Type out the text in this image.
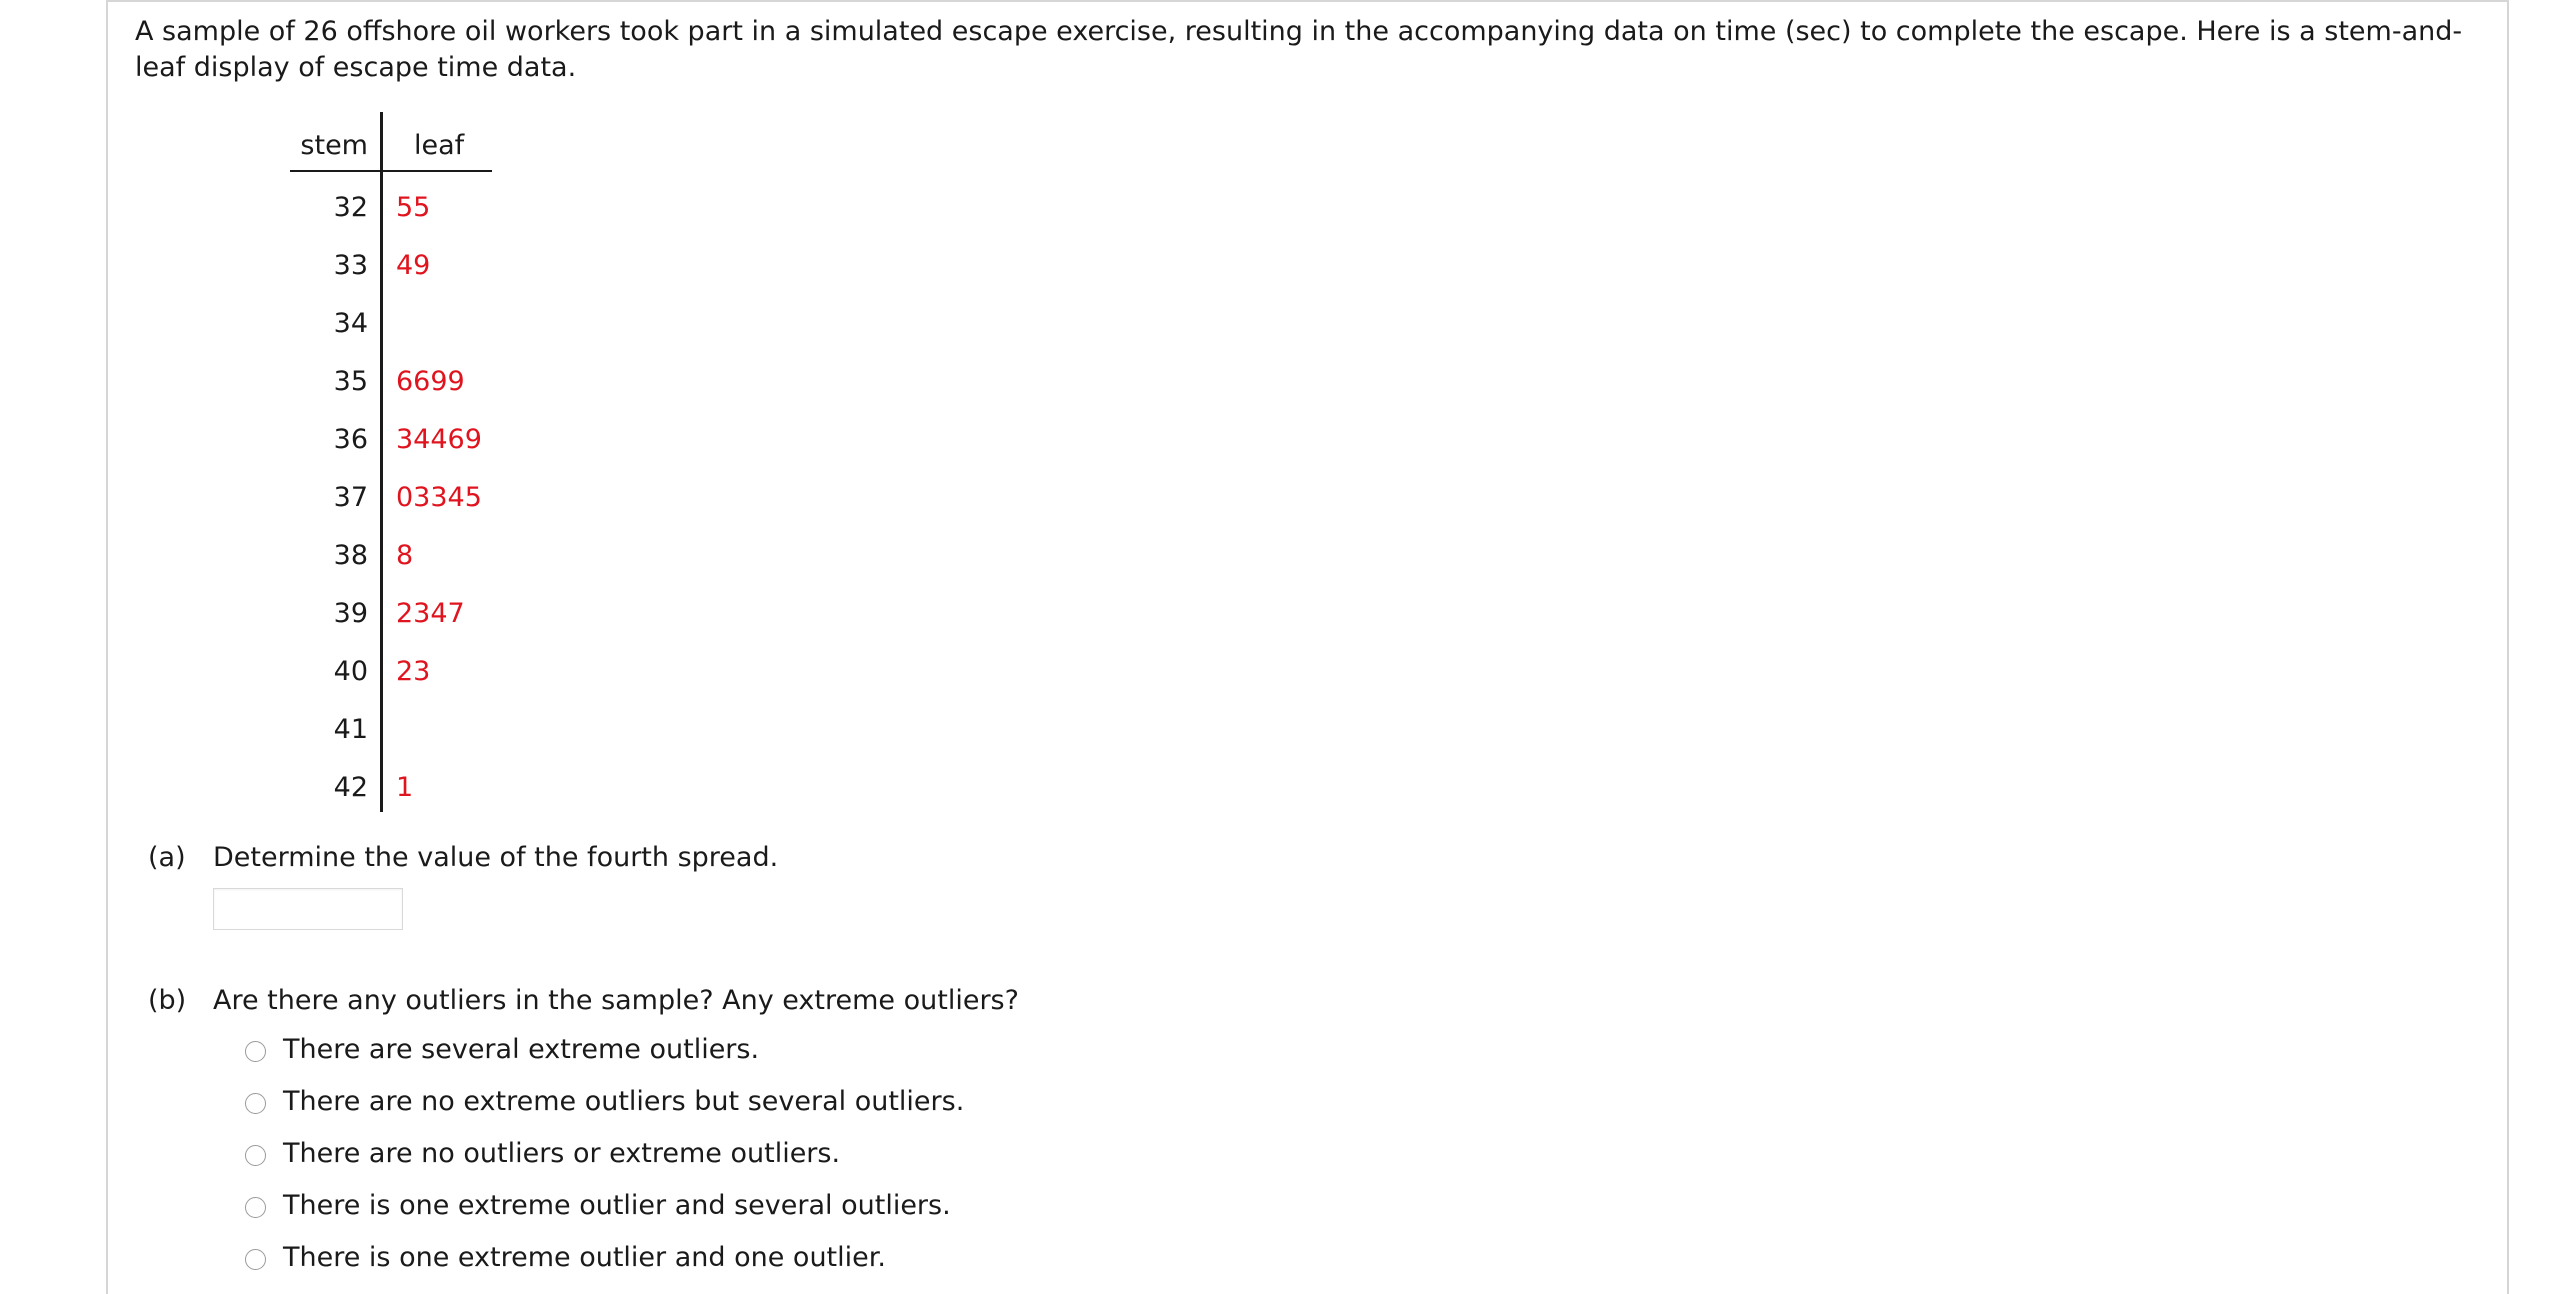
A sample of 26 offshore oil workers took part in a simulated escape exercise, resulting in the accompanying data on time (sec) to complete the escape. Here is a stem-and-leaf display of escape time data.

stem leaf
32 55
33 49
34
35 6699
36 34469
37 03345
38 8
39 2347
40 23
41
42 1
(a) Determine the value of the fourth spread.
(b) Are there any outliers in the sample? Any extreme outliers?
There are several extreme outliers.
There are no extreme outliers but several outliers.
There are no outliers or extreme outliers.
There is one extreme outlier and several outliers.
There is one extreme outlier and one outlier.
